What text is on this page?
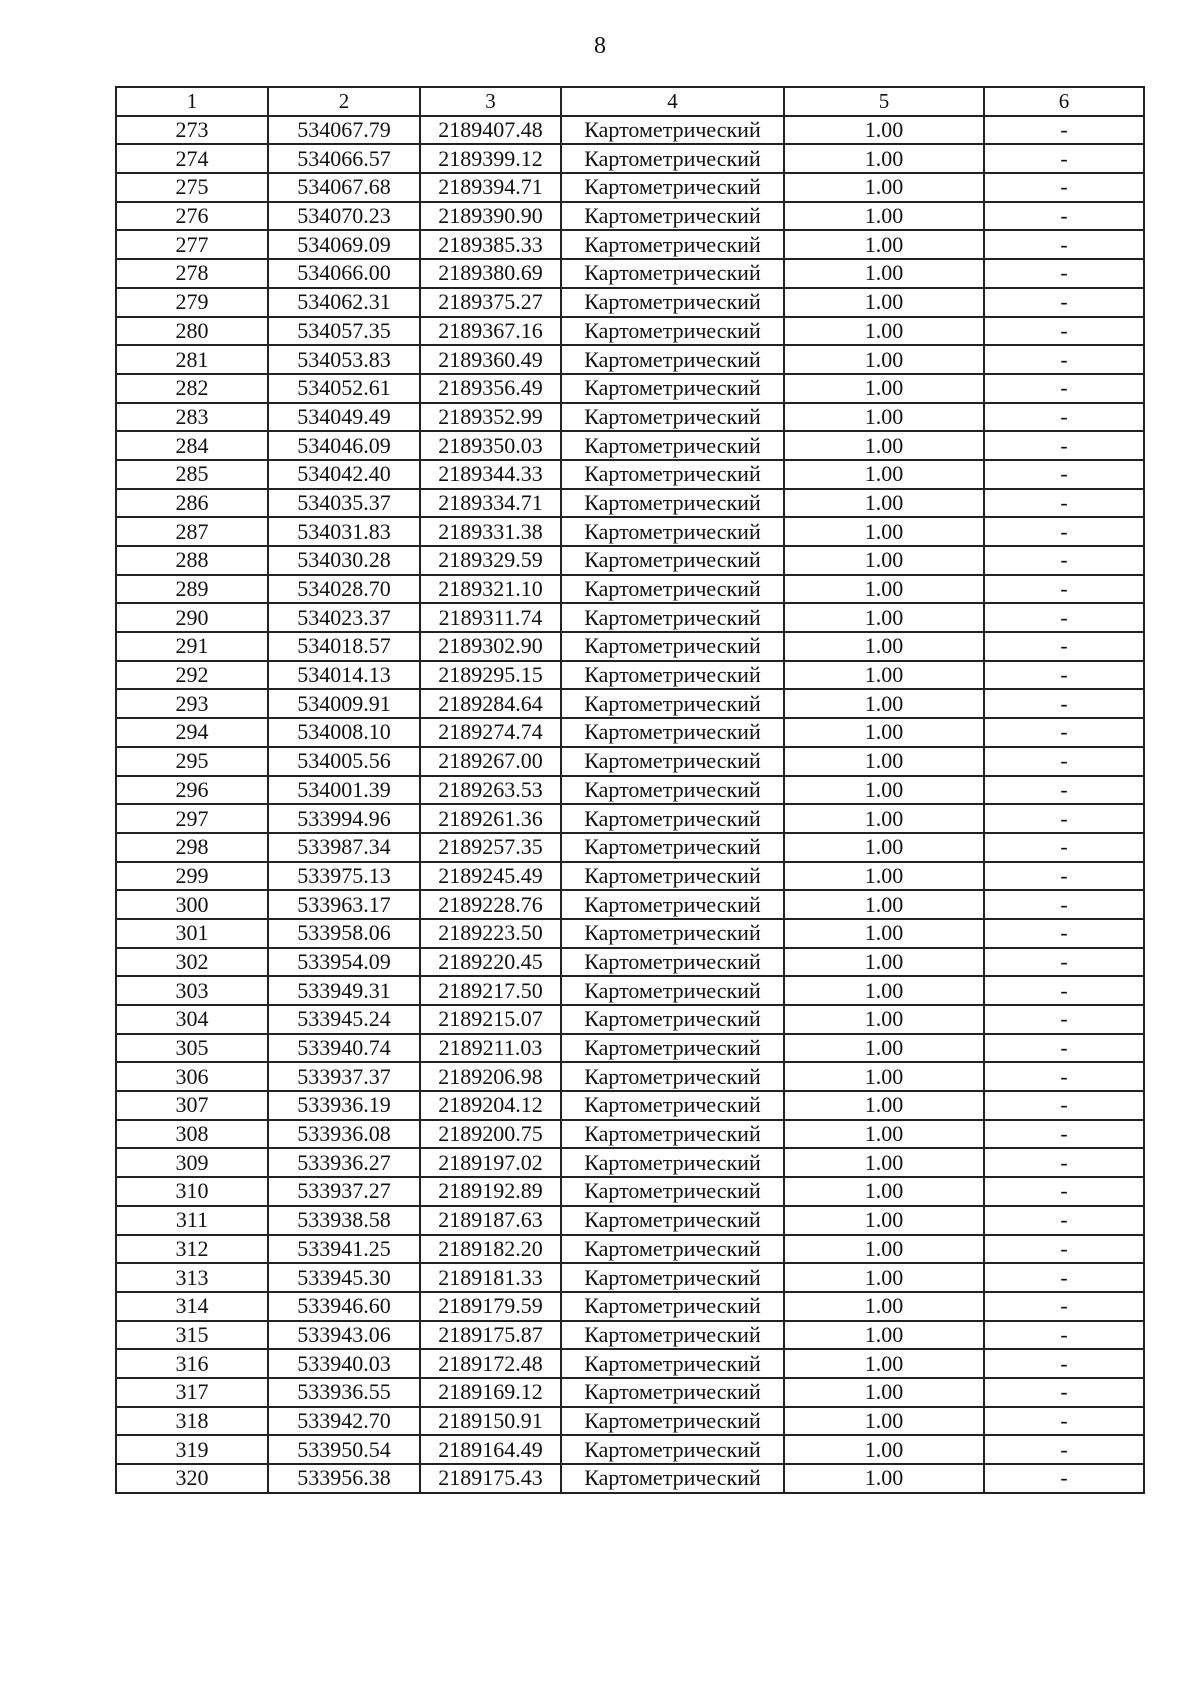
8
1	2	3	4	5	6
273	534067.79	2189407.48	Картометрический	1.00	-
274	534066.57	2189399.12	Картометрический	1.00	-
275	534067.68	2189394.71	Картометрический	1.00	-
276	534070.23	2189390.90	Картометрический	1.00	-
277	534069.09	2189385.33	Картометрический	1.00	-
278	534066.00	2189380.69	Картометрический	1.00	-
279	534062.31	2189375.27	Картометрический	1.00	-
280	534057.35	2189367.16	Картометрический	1.00	-
281	534053.83	2189360.49	Картометрический	1.00	-
282	534052.61	2189356.49	Картометрический	1.00	-
283	534049.49	2189352.99	Картометрический	1.00	-
284	534046.09	2189350.03	Картометрический	1.00	-
285	534042.40	2189344.33	Картометрический	1.00	-
286	534035.37	2189334.71	Картометрический	1.00	-
287	534031.83	2189331.38	Картометрический	1.00	-
288	534030.28	2189329.59	Картометрический	1.00	-
289	534028.70	2189321.10	Картометрический	1.00	-
290	534023.37	2189311.74	Картометрический	1.00	-
291	534018.57	2189302.90	Картометрический	1.00	-
292	534014.13	2189295.15	Картометрический	1.00	-
293	534009.91	2189284.64	Картометрический	1.00	-
294	534008.10	2189274.74	Картометрический	1.00	-
295	534005.56	2189267.00	Картометрический	1.00	-
296	534001.39	2189263.53	Картометрический	1.00	-
297	533994.96	2189261.36	Картометрический	1.00	-
298	533987.34	2189257.35	Картометрический	1.00	-
299	533975.13	2189245.49	Картометрический	1.00	-
300	533963.17	2189228.76	Картометрический	1.00	-
301	533958.06	2189223.50	Картометрический	1.00	-
302	533954.09	2189220.45	Картометрический	1.00	-
303	533949.31	2189217.50	Картометрический	1.00	-
304	533945.24	2189215.07	Картометрический	1.00	-
305	533940.74	2189211.03	Картометрический	1.00	-
306	533937.37	2189206.98	Картометрический	1.00	-
307	533936.19	2189204.12	Картометрический	1.00	-
308	533936.08	2189200.75	Картометрический	1.00	-
309	533936.27	2189197.02	Картометрический	1.00	-
310	533937.27	2189192.89	Картометрический	1.00	-
311	533938.58	2189187.63	Картометрический	1.00	-
312	533941.25	2189182.20	Картометрический	1.00	-
313	533945.30	2189181.33	Картометрический	1.00	-
314	533946.60	2189179.59	Картометрический	1.00	-
315	533943.06	2189175.87	Картометрический	1.00	-
316	533940.03	2189172.48	Картометрический	1.00	-
317	533936.55	2189169.12	Картометрический	1.00	-
318	533942.70	2189150.91	Картометрический	1.00	-
319	533950.54	2189164.49	Картометрический	1.00	-
320	533956.38	2189175.43	Картометрический	1.00	-
